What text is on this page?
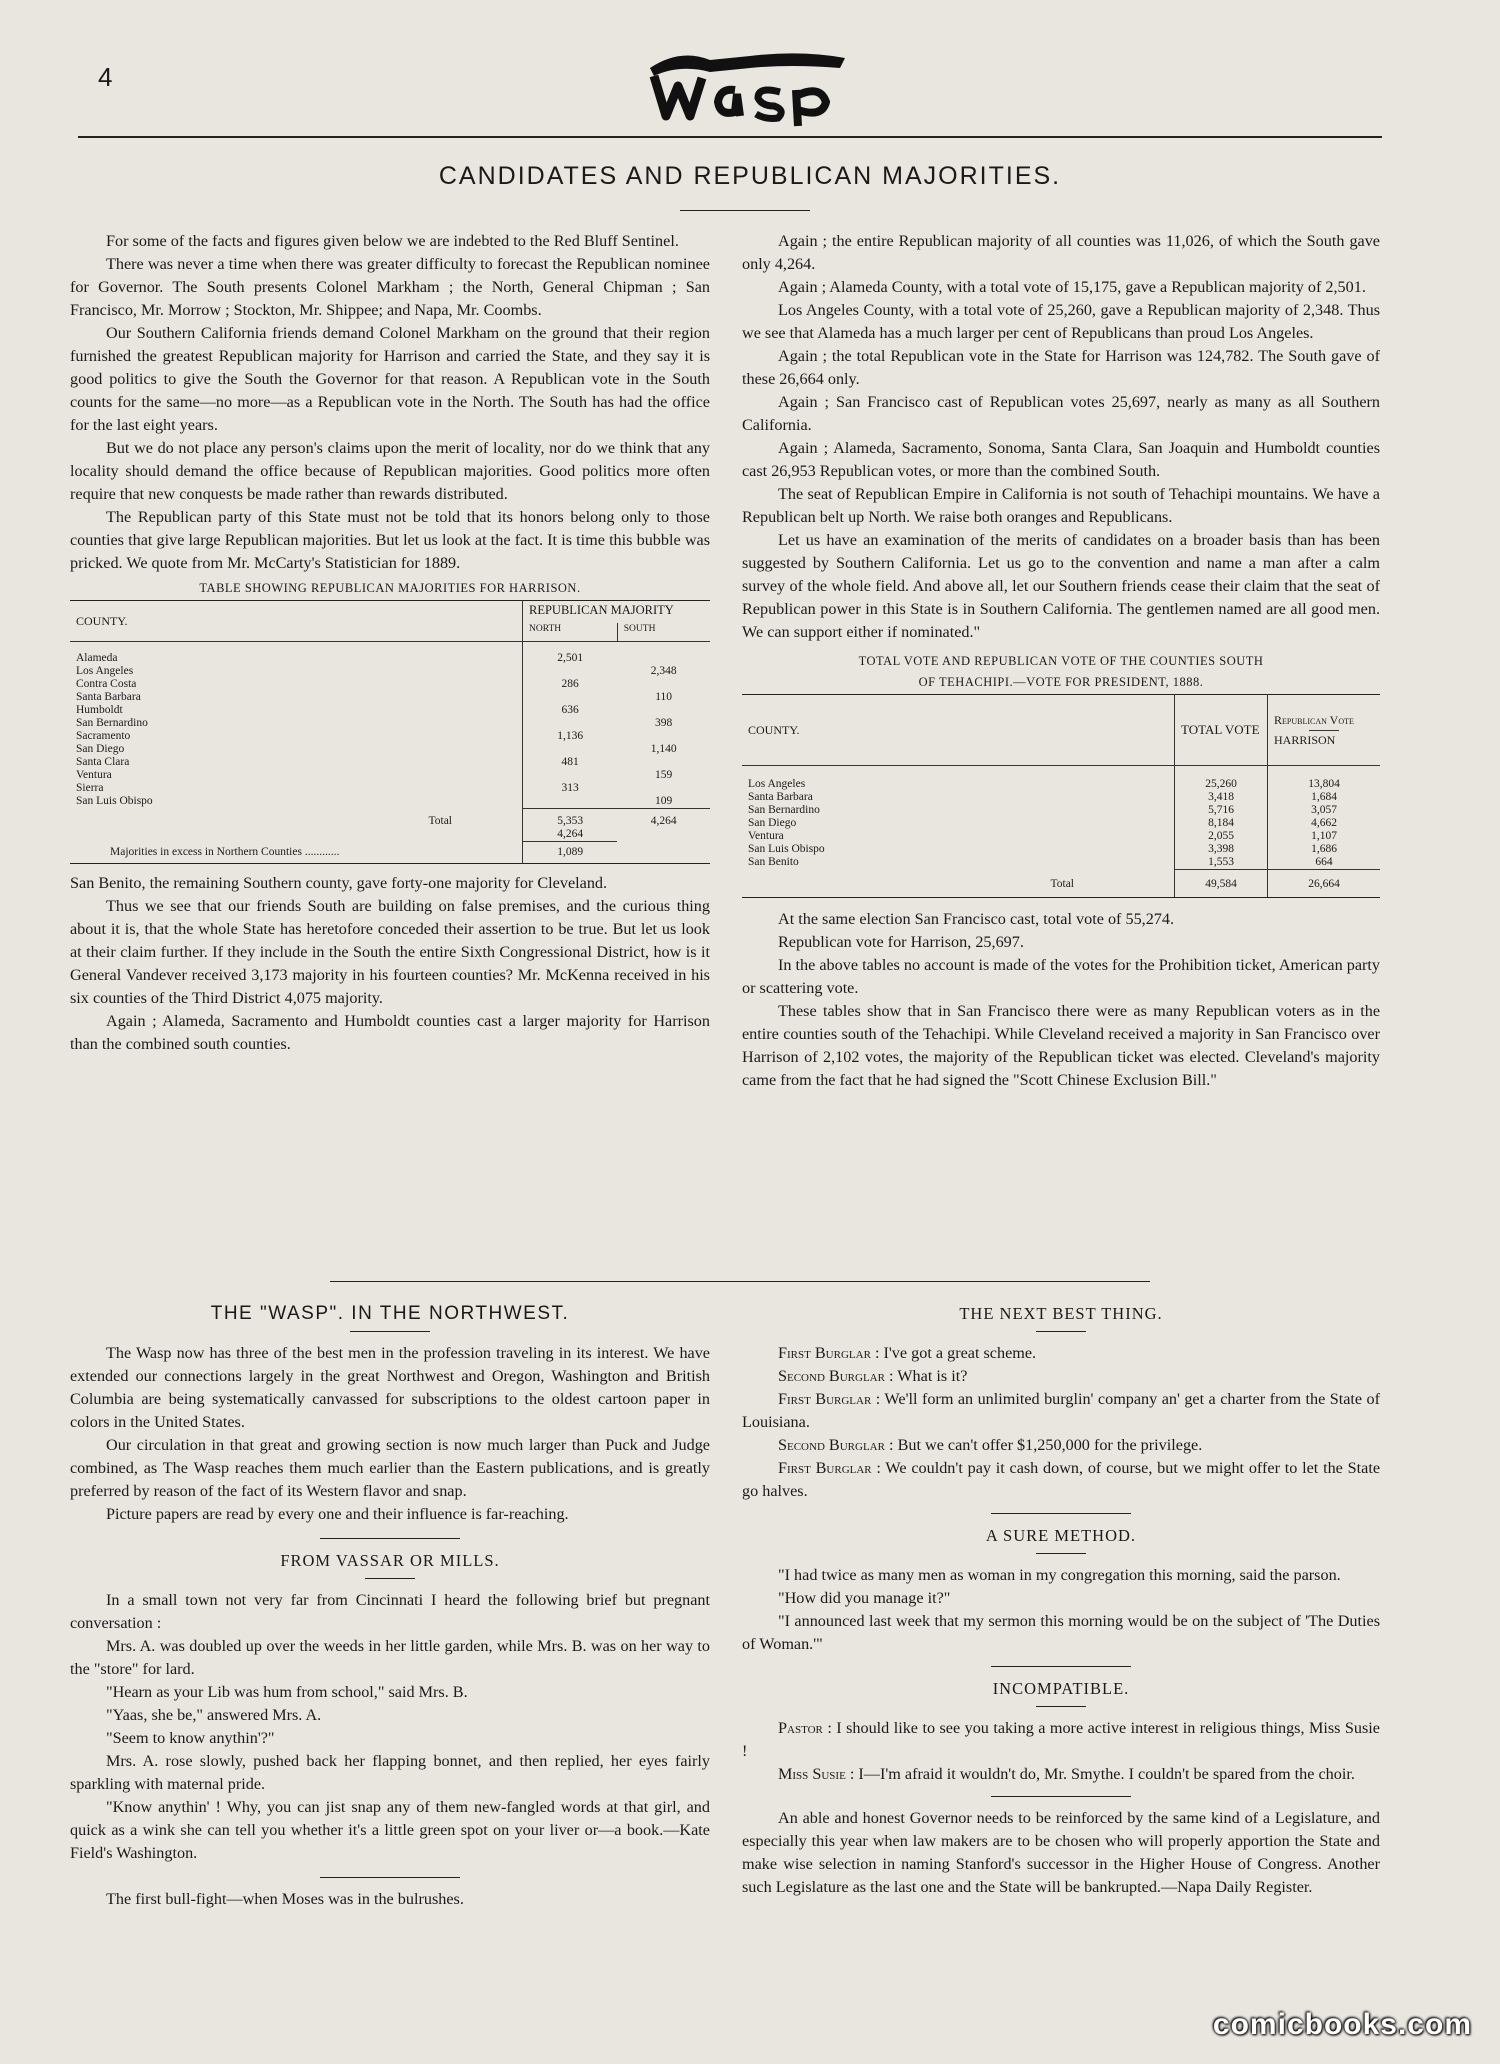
4
CANDIDATES AND REPUBLICAN MAJORITIES.

For some of the facts and figures given below we are indebted to the Red Bluff Sentinel.

There was never a time when there was greater difficulty to forecast the Republican nominee for Governor. The South presents Colonel Markham ; the North, General Chipman ; San Francisco, Mr. Morrow ; Stockton, Mr. Shippee; and Napa, Mr. Coombs.

Our Southern California friends demand Colonel Markham on the ground that their region furnished the greatest Republican majority for Harrison and carried the State, and they say it is good politics to give the South the Governor for that reason. A Republican vote in the South counts for the same—no more—as a Republican vote in the North. The South has had the office for the last eight years.

But we do not place any person's claims upon the merit of locality, nor do we think that any locality should demand the office because of Republican majorities. Good politics more often require that new conquests be made rather than rewards distributed.

The Republican party of this State must not be told that its honors belong only to those counties that give large Republican majorities. But let us look at the fact. It is time this bubble was pricked. We quote from Mr. McCarty's Statistician for 1889.

TABLE SHOWING REPUBLICAN MAJORITIES FOR HARRISON.
COUNTY.	REPUBLICAN MAJORITY	
	NORTH	SOUTH
Alameda	2,501	
Los Angeles		2,348
Contra Costa	286	
Santa Barbara		110
Humboldt	636	
San Bernardino		398
Sacramento	1,136	
San Diego		1,140
Santa Clara	481	
Ventura		159
Sierra	313	
San Luis Obispo		109
Total	5,353	4,264
	4,264	
Majorities in excess in Northern Counties ............	1,089	

San Benito, the remaining Southern county, gave forty-one majority for Cleveland.

Thus we see that our friends South are building on false premises, and the curious thing about it is, that the whole State has heretofore conceded their assertion to be true. But let us look at their claim further. If they include in the South the entire Sixth Congressional District, how is it General Vandever received 3,173 majority in his fourteen counties? Mr. McKenna received in his six counties of the Third District 4,075 majority.

Again ; Alameda, Sacramento and Humboldt counties cast a larger majority for Harrison than the combined south counties.

Again ; the entire Republican majority of all counties was 11,026, of which the South gave only 4,264.

Again ; Alameda County, with a total vote of 15,175, gave a Republican majority of 2,501.

Los Angeles County, with a total vote of 25,260, gave a Republican majority of 2,348. Thus we see that Alameda has a much larger per cent of Republicans than proud Los Angeles.

Again ; the total Republican vote in the State for Harrison was 124,782. The South gave of these 26,664 only.

Again ; San Francisco cast of Republican votes 25,697, nearly as many as all Southern California.

Again ; Alameda, Sacramento, Sonoma, Santa Clara, San Joaquin and Humboldt counties cast 26,953 Republican votes, or more than the combined South.

The seat of Republican Empire in California is not south of Tehachipi mountains. We have a Republican belt up North. We raise both oranges and Republicans.

Let us have an examination of the merits of candidates on a broader basis than has been suggested by Southern California. Let us go to the convention and name a man after a calm survey of the whole field. And above all, let our Southern friends cease their claim that the seat of Republican power in this State is in Southern California. The gentlemen named are all good men. We can support either if nominated."

TOTAL VOTE AND REPUBLICAN VOTE OF THE COUNTIES SOUTH
OF TEHACHIPI.—VOTE FOR PRESIDENT, 1888.
COUNTY.	TOTAL VOTE	Republican Vote
HARRISON

Los Angeles	25,260	13,804
Santa Barbara	3,418	1,684
San Bernardino	5,716	3,057
San Diego	8,184	4,662
Ventura	2,055	1,107
San Luis Obispo	3,398	1,686
San Benito	1,553	664
Total	49,584	26,664

At the same election San Francisco cast, total vote of 55,274.

Republican vote for Harrison, 25,697.

In the above tables no account is made of the votes for the Prohibition ticket, American party or scattering vote.

These tables show that in San Francisco there were as many Republican voters as in the entire counties south of the Tehachipi. While Cleveland received a majority in San Francisco over Harrison of 2,102 votes, the majority of the Republican ticket was elected. Cleveland's majority came from the fact that he had signed the "Scott Chinese Exclusion Bill."

THE "WASP". IN THE NORTHWEST.

The Wasp now has three of the best men in the profession traveling in its interest. We have extended our connections largely in the great Northwest and Oregon, Washington and British Columbia are being systematically canvassed for subscriptions to the oldest cartoon paper in colors in the United States.

Our circulation in that great and growing section is now much larger than Puck and Judge combined, as The Wasp reaches them much earlier than the Eastern publications, and is greatly preferred by reason of the fact of its Western flavor and snap.

Picture papers are read by every one and their influence is far-reaching.

FROM VASSAR OR MILLS.

In a small town not very far from Cincinnati I heard the following brief but pregnant conversation :

Mrs. A. was doubled up over the weeds in her little garden, while Mrs. B. was on her way to the "store" for lard.

"Hearn as your Lib was hum from school," said Mrs. B.

"Yaas, she be," answered Mrs. A.

"Seem to know anythin'?"

Mrs. A. rose slowly, pushed back her flapping bonnet, and then replied, her eyes fairly sparkling with maternal pride.

"Know anythin' ! Why, you can jist snap any of them new-fangled words at that girl, and quick as a wink she can tell you whether it's a little green spot on your liver or—a book.—Kate Field's Washington.

The first bull-fight—when Moses was in the bulrushes.

THE NEXT BEST THING.

First Burglar : I've got a great scheme.

Second Burglar : What is it?

First Burglar : We'll form an unlimited burglin' company an' get a charter from the State of Louisiana.

Second Burglar : But we can't offer $1,250,000 for the privilege.

First Burglar : We couldn't pay it cash down, of course, but we might offer to let the State go halves.

A SURE METHOD.

"I had twice as many men as woman in my congregation this morning, said the parson.

"How did you manage it?"

"I announced last week that my sermon this morning would be on the subject of 'The Duties of Woman.'"

INCOMPATIBLE.

Pastor : I should like to see you taking a more active interest in religious things, Miss Susie !

Miss Susie : I—I'm afraid it wouldn't do, Mr. Smythe. I couldn't be spared from the choir.

An able and honest Governor needs to be reinforced by the same kind of a Legislature, and especially this year when law makers are to be chosen who will properly apportion the State and make wise selection in naming Stanford's successor in the Higher House of Congress. Another such Legislature as the last one and the State will be bankrupted.—Napa Daily Register.

comicbooks.com
